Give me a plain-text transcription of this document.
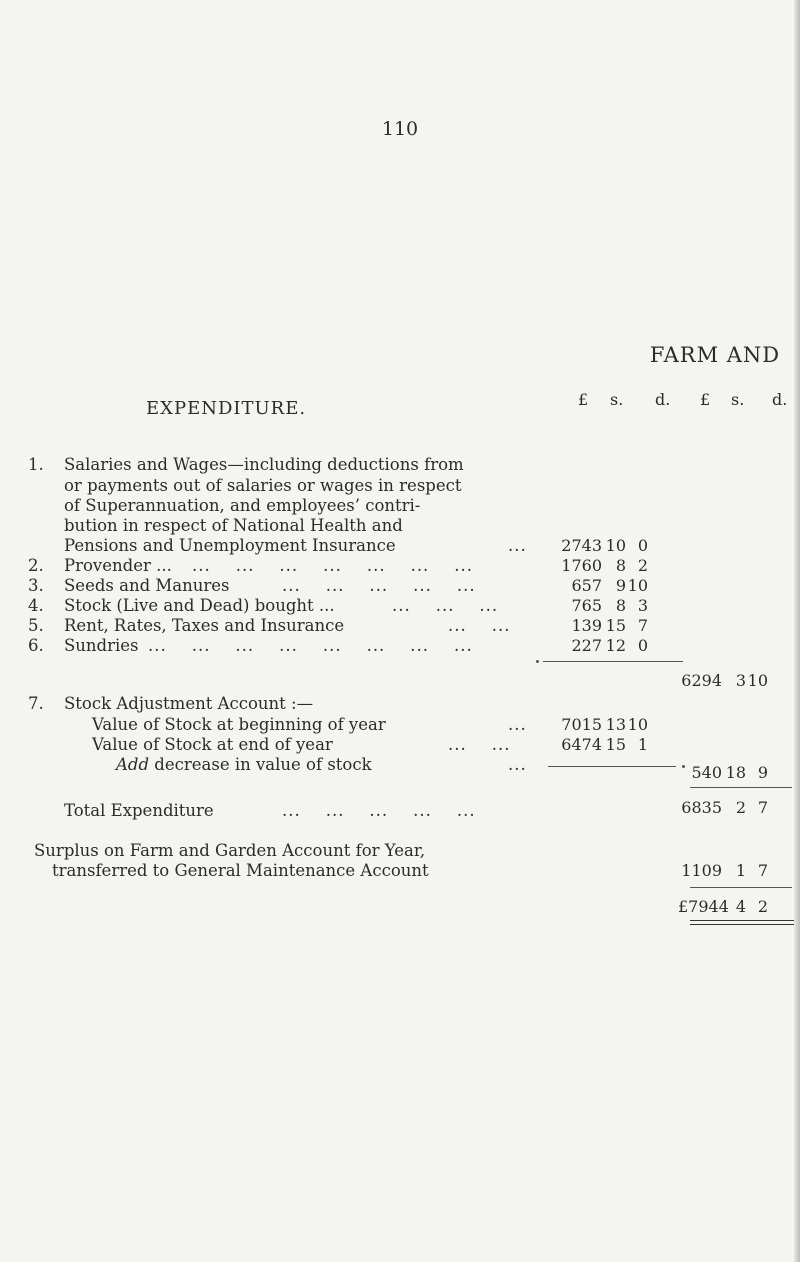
110
FARM AND
£ s. d. £ s. d.
EXPENDITURE.
1. Salaries and Wages—including deductions from
or payments out of salaries or wages in respect
of Superannuation, and employees’ contri-
bution in respect of National Health and
Pensions and Unemployment Insurance	... 2743 10 0
2. Provender ... ...    ...    ...    ...    ...    ...    ...	1760 8 2
3. Seeds and Manures	...    ...    ...    ...    ...	657 9 10
4. Stock (Live and Dead) bought ...	...    ...    ...	765 8 3
5. Rent, Rates, Taxes and Insurance	...    ...	139 15 7
6. Sundries ...    ...    ...    ...    ...    ...    ...    ...	227 12 0
6294 3 10
7. Stock Adjustment Account :—
Value of Stock at beginning of year	... 7015 13 10
Value of Stock at end of year	...    ...	6474 15 1
Add decrease in value of stock	...	540 18 9
Total Expenditure	...    ...    ...    ...    ...	6835 2 7
Surplus on Farm and Garden Account for Year,
transferred to General Maintenance Account	1109 1 7
£7944 4 2
